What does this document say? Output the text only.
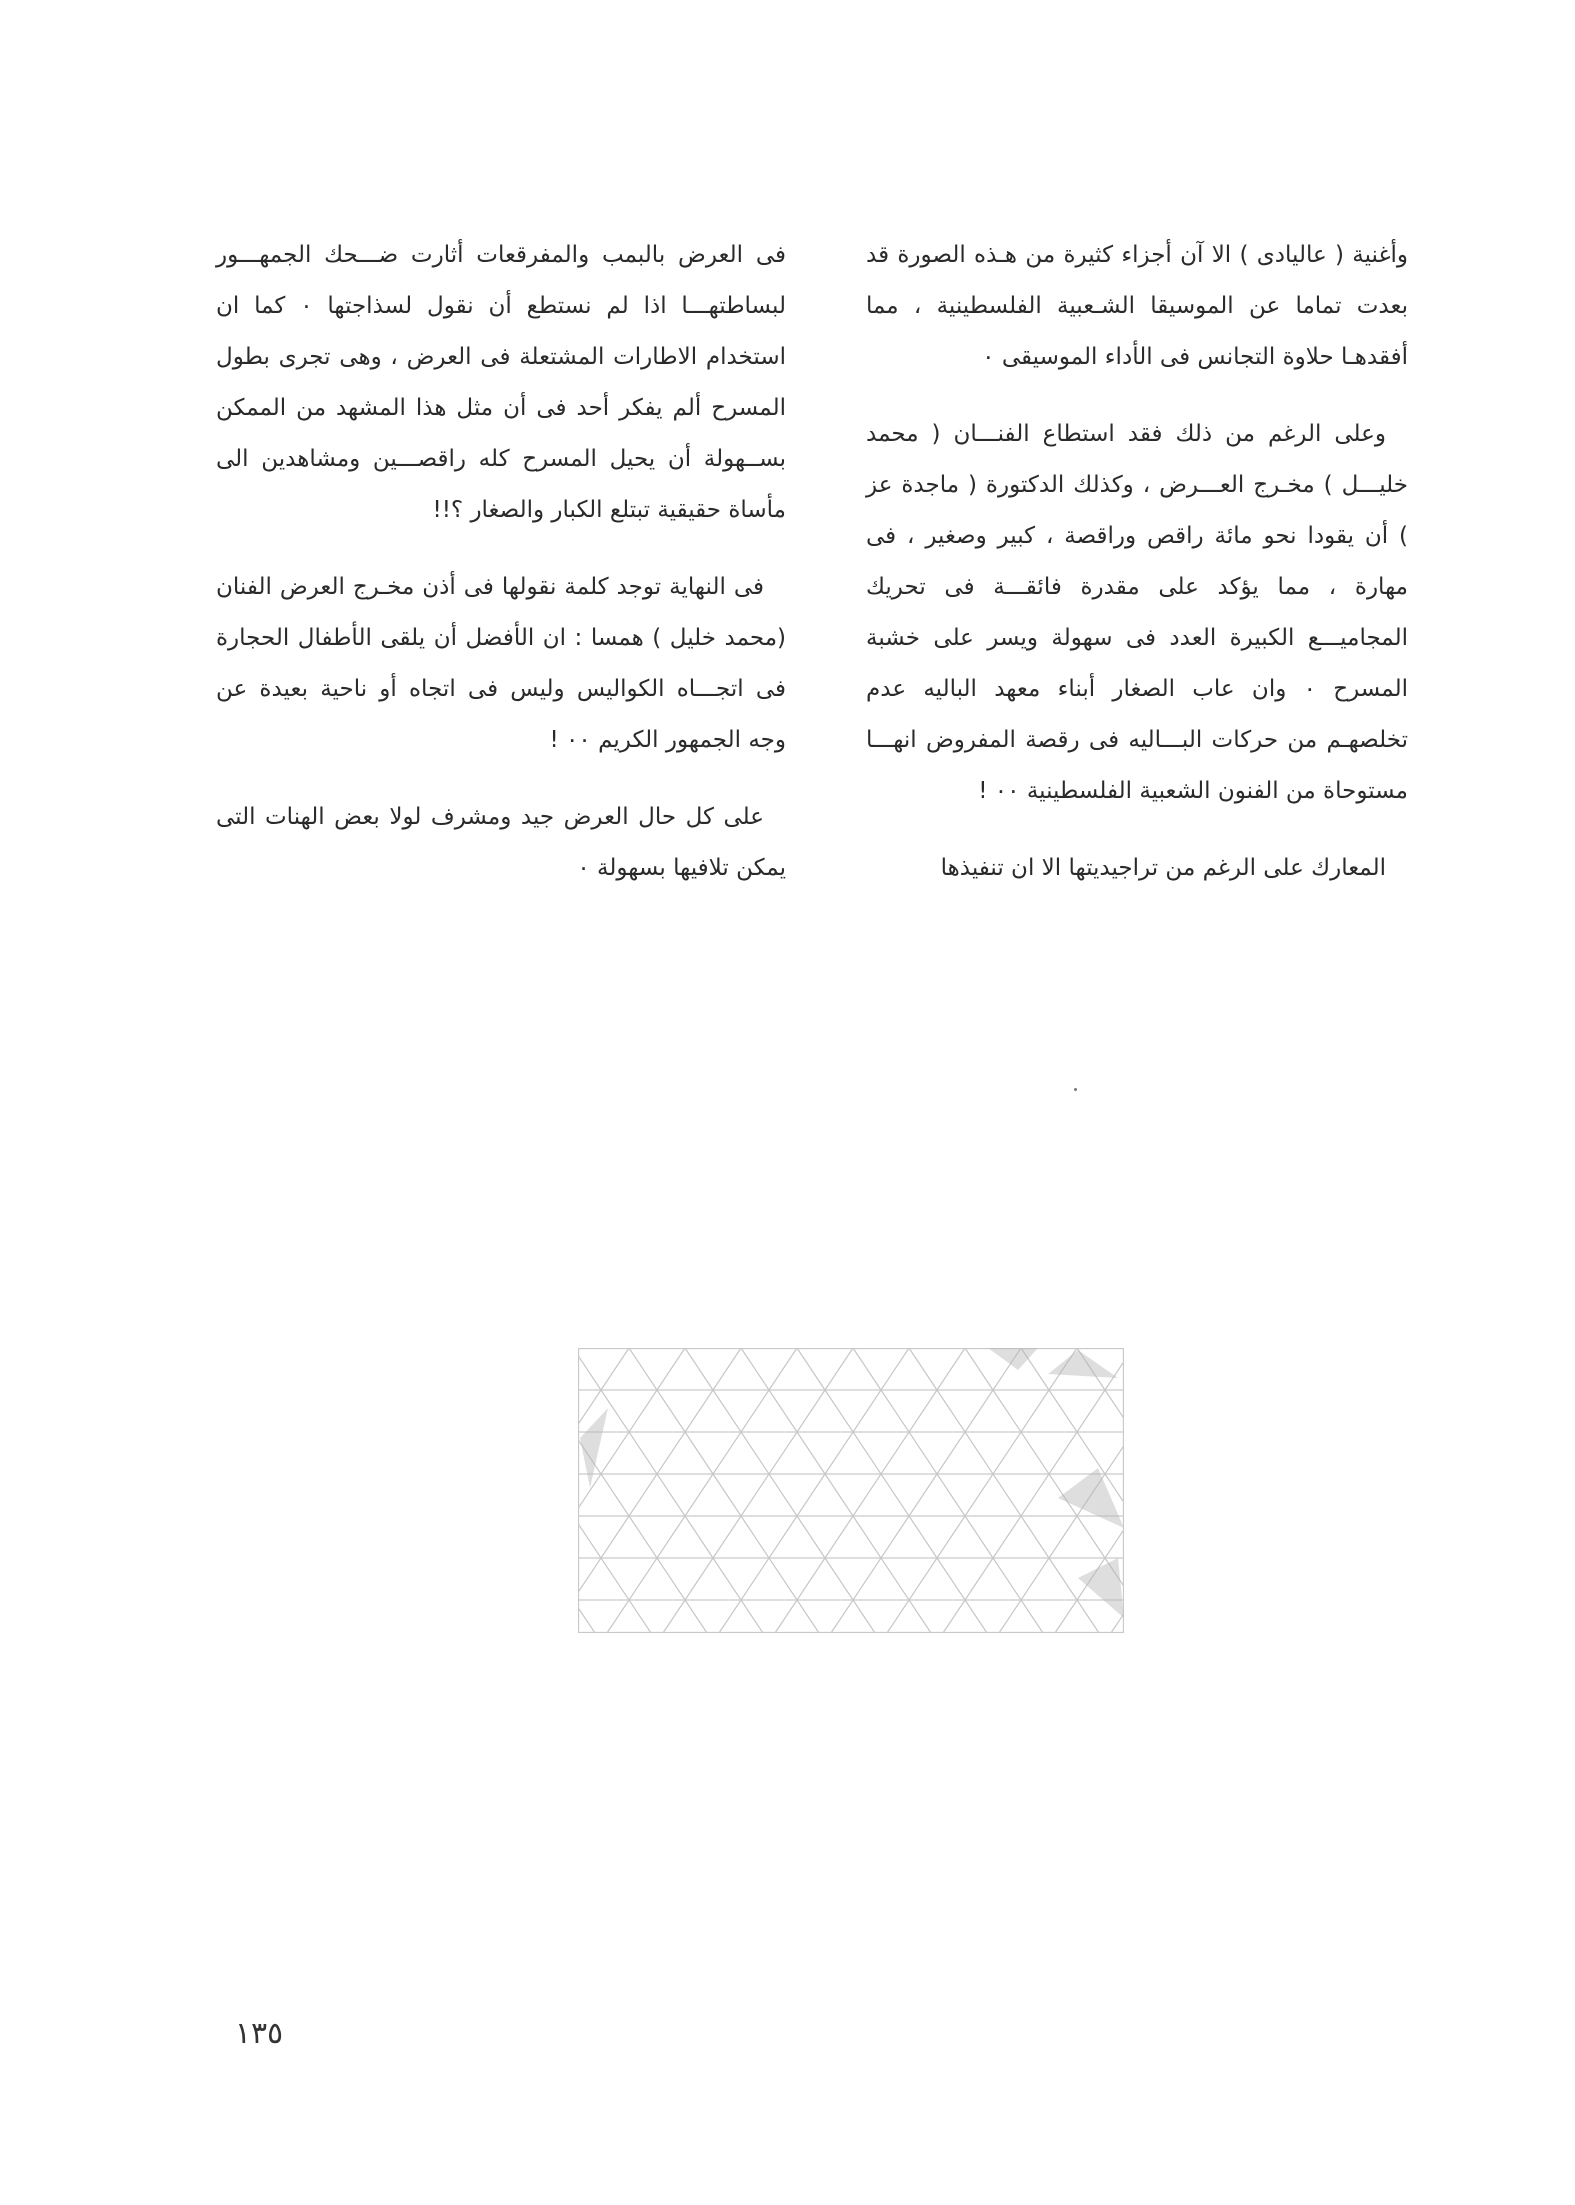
وأغنية ( عاليادى ) الا آن أجزاء كثيرة من هـذه الصورة قد بعدت تماما عن الموسيقا الشـعبية الفلسطينية ، مما أفقدهـا حلاوة التجانس فى الأداء الموسيقى ٠

وعلى الرغم من ذلك فقد استطاع الفنـــان ( محمد خليـــل ) مخـرج العـــرض ، وكذلك الدكتورة ( ماجدة عز ) أن يقودا نحو مائة راقص وراقصة ، كبير وصغير ، فى مهارة ، مما يؤكد على مقدرة فائقـــة فى تحريك المجاميـــع الكبيرة العدد فى سهولة ويسر على خشبة المسرح ٠ وان عاب الصغار أبناء معهد الباليه عدم تخلصهـم من حركات البـــاليه فى رقصة المفروض انهـــا مستوحاة من الفنون الشعبية الفلسطينية ٠٠ !

المعارك على الرغم من تراجيديتها الا ان تنفيذها

فى العرض بالبمب والمفرقعات أثارت ضـــحك الجمهـــور لبساطتهـــا اذا لم نستطع أن نقول لسذاجتها ٠ كما ان استخدام الاطارات المشتعلة فى العرض ، وهى تجرى بطول المسرح ألم يفكر أحد فى أن مثل هذا المشهد من الممكن بســهولة أن يحيل المسرح كله راقصـــين ومشاهدين الى مأساة حقيقية تبتلع الكبار والصغار ؟!!

فى النهاية توجد كلمة نقولها فى أذن مخـرج العرض الفنان (محمد خليل ) همسا : ان الأفضل أن يلقى الأطفال الحجارة فى اتجـــاه الكواليس وليس فى اتجاه أو ناحية بعيدة عن وجه الجمهور الكريم ٠٠ !

على كل حال العرض جيد ومشرف لولا بعض الهنات التى يمكن تلافيها بسهولة ٠

١٣٥
